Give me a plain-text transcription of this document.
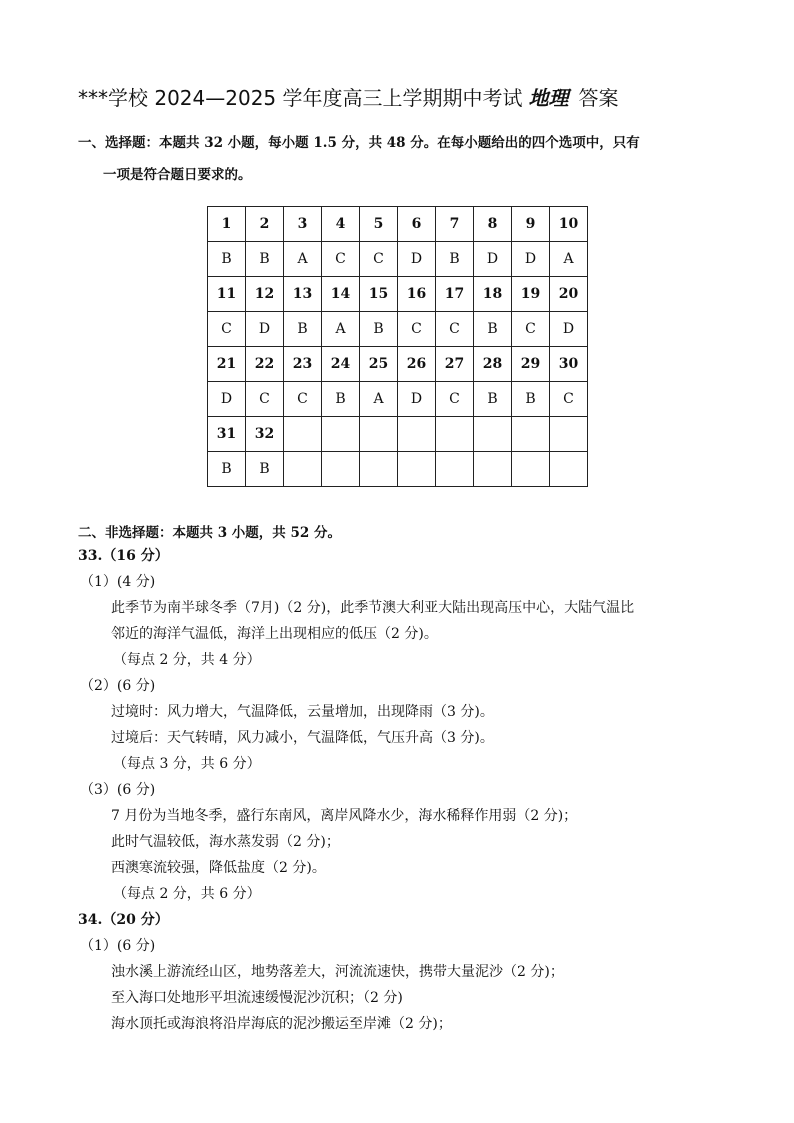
***学校 2024—2025 学年度高三上学期期中考试 地理 答案
一、选择题：本题共 32 小题，每小题 1.5 分，共 48 分。在每小题给出的四个选项中，只有
一项是符合题日要求的。
1	2	3	4	5	6	7	8	9	10
B	B	A	C	C	D	B	D	D	A
11	12	13	14	15	16	17	18	19	20
C	D	B	A	B	C	C	B	C	D
21	22	23	24	25	26	27	28	29	30
D	C	C	B	A	D	C	B	B	C
31	32								
B	B								
二、非选择题：本题共 3 小题，共 52 分。
33.（16 分）
（1）(4 分)
此季节为南半球冬季（7月)（2 分)，此季节澳大利亚大陆出现高压中心，大陆气温比
邻近的海洋气温低，海洋上出现相应的低压（2 分)。
（每点 2 分，共 4 分）
（2）(6 分)
过境时：风力增大，气温降低，云量增加，出现降雨（3 分)。
过境后：天气转晴，风力减小，气温降低，气压升高（3 分)。
（每点 3 分，共 6 分）
（3）(6 分)
7 月份为当地冬季，盛行东南风，离岸风降水少，海水稀释作用弱（2 分)；
此时气温较低，海水蒸发弱（2 分)；
西澳寒流较强，降低盐度（2 分)。
（每点 2 分，共 6 分）
34.（20 分）
（1）(6 分)
浊水溪上游流经山区，地势落差大，河流流速快，携带大量泥沙（2 分)；
至入海口处地形平坦流速缓慢泥沙沉积；（2 分)
海水顶托或海浪将沿岸海底的泥沙搬运至岸滩（2 分)；
